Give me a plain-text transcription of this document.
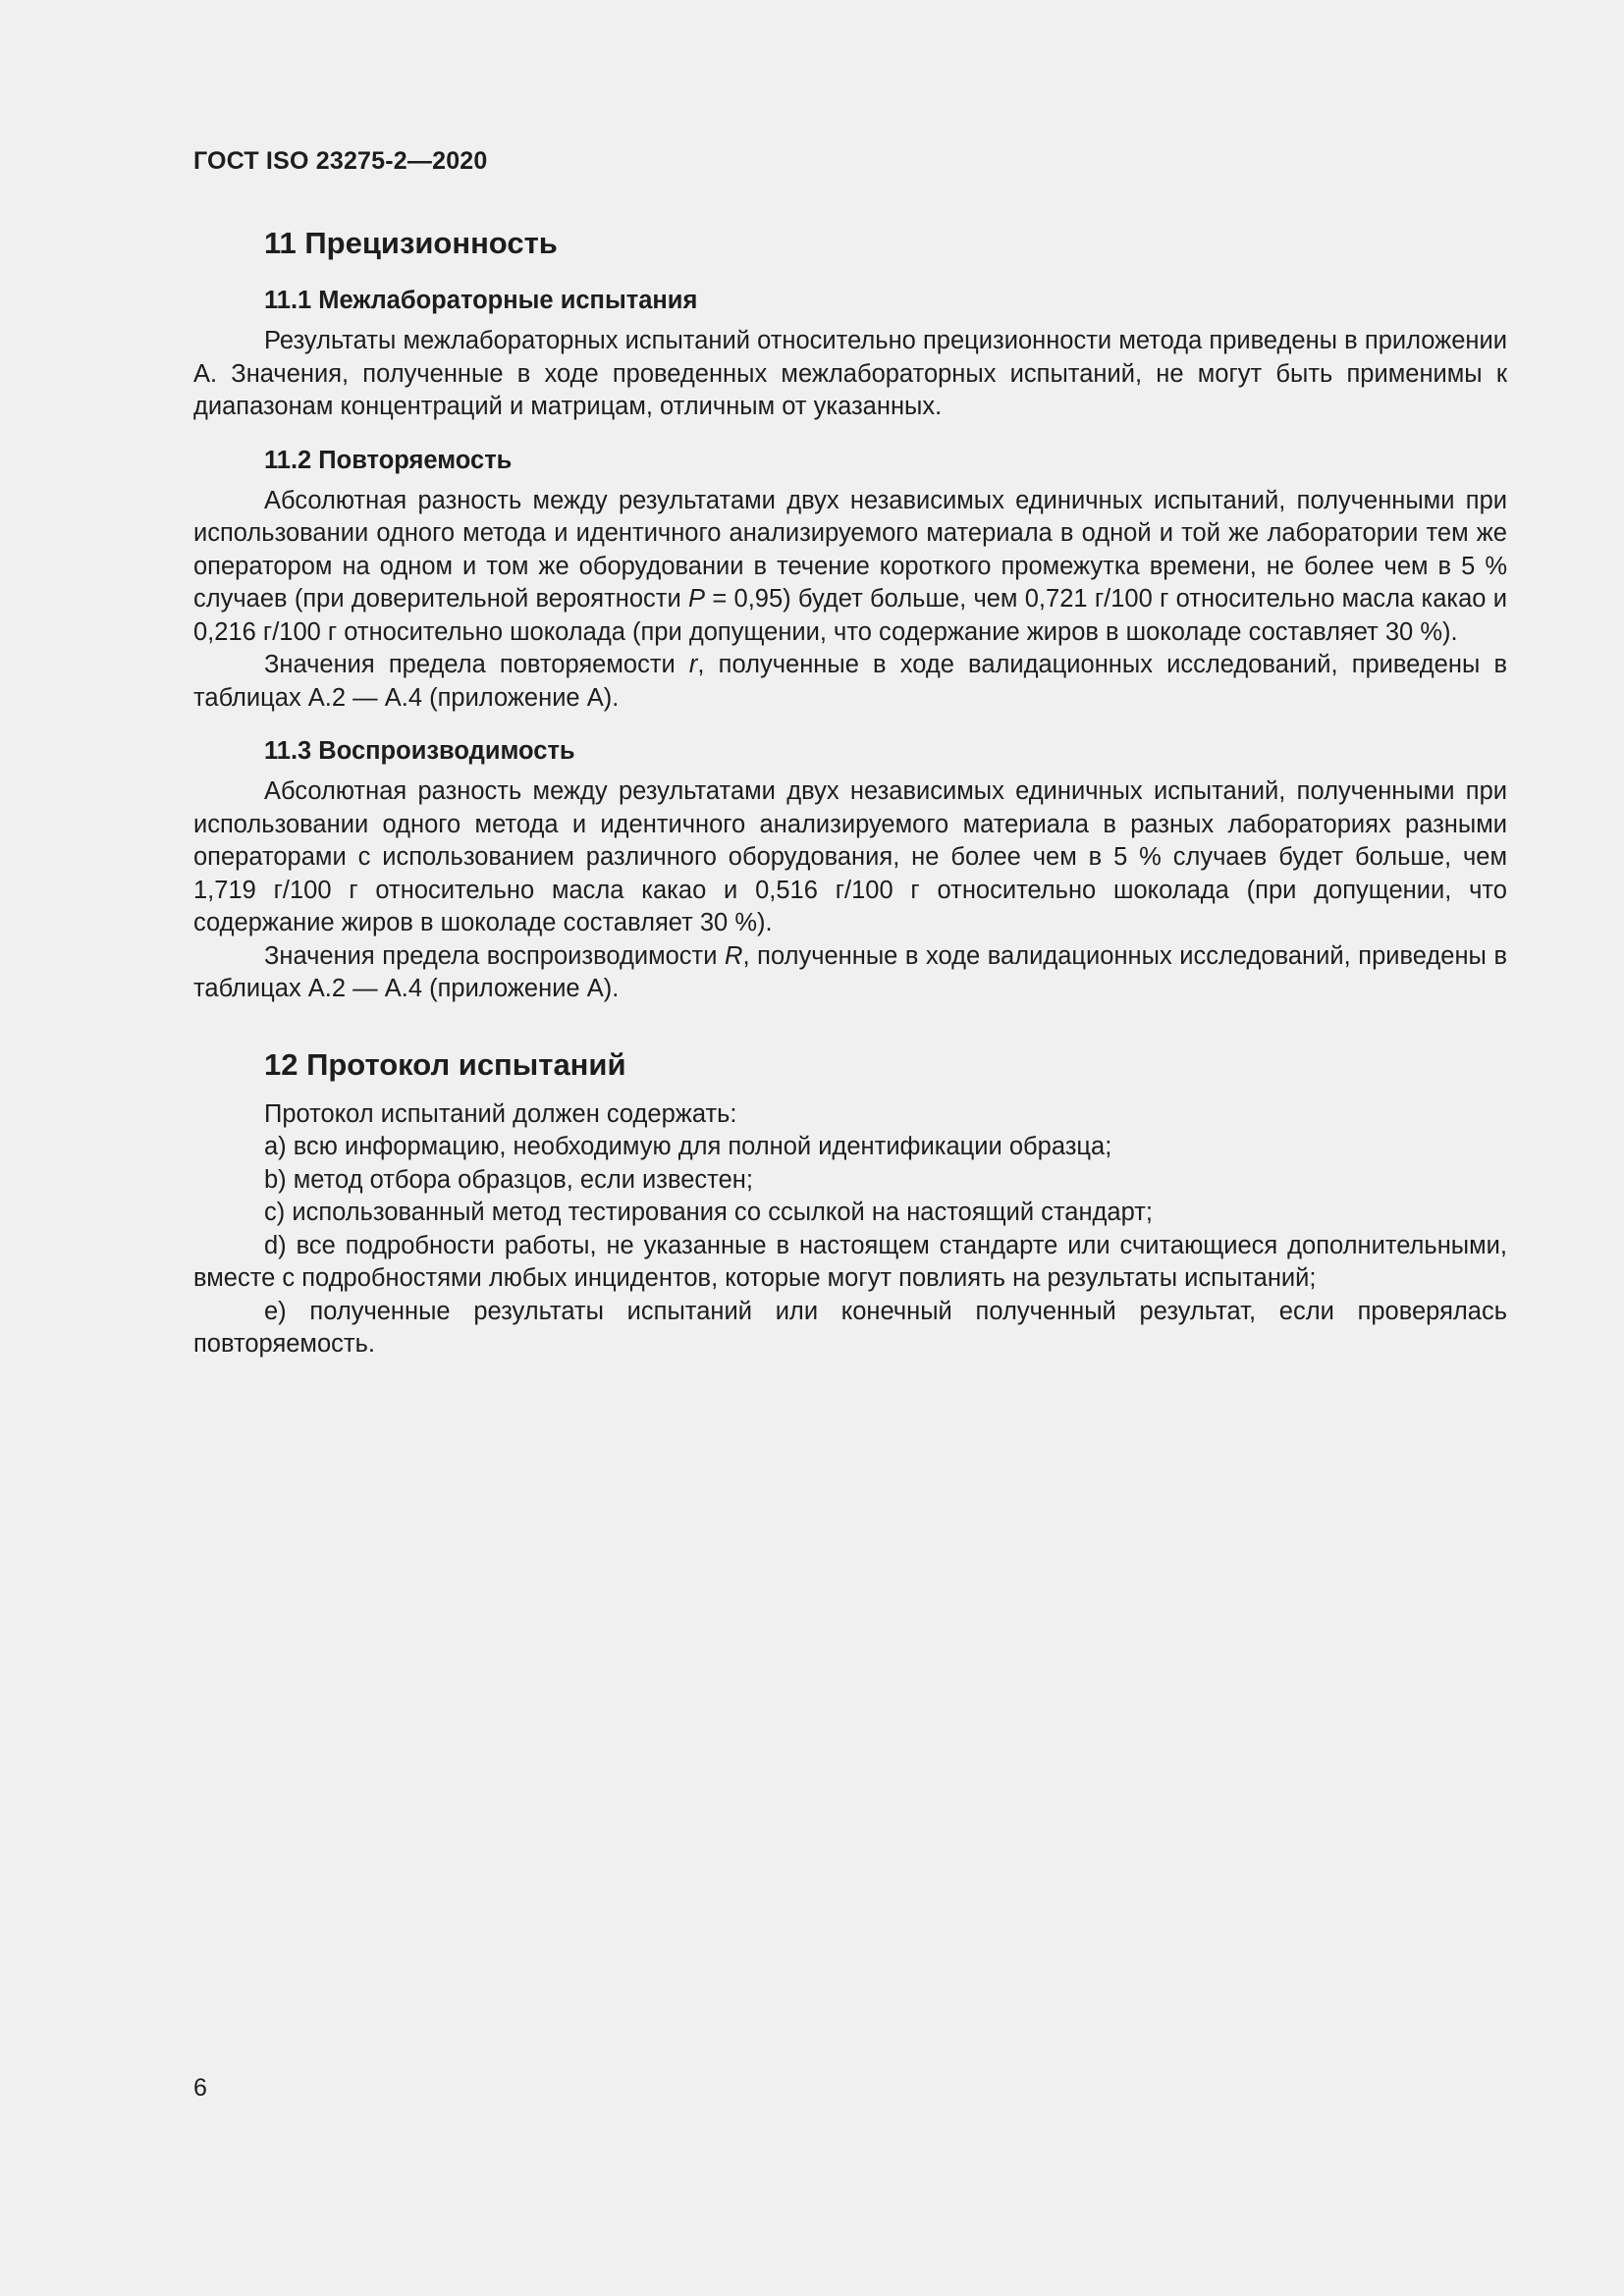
ГОСТ ISO 23275-2—2020
11 Прецизионность
11.1 Межлабораторные испытания

Результаты межлабораторных испытаний относительно прецизионности метода приведены в приложении А. Значения, полученные в ходе проведенных межлабораторных испытаний, не могут быть применимы к диапазонам концентраций и матрицам, отличным от указанных.

11.2 Повторяемость

Абсолютная разность между результатами двух независимых единичных испытаний, полученными при использовании одного метода и идентичного анализируемого материала в одной и той же лаборатории тем же оператором на одном и том же оборудовании в течение короткого промежутка времени, не более чем в 5 % случаев (при доверительной вероятности P = 0,95) будет больше, чем 0,721 г/100 г относительно масла какао и 0,216 г/100 г относительно шоколада (при допущении, что содержание жиров в шоколаде составляет 30 %).

Значения предела повторяемости r, полученные в ходе валидационных исследований, приведены в таблицах А.2 — А.4 (приложение А).

11.3 Воспроизводимость

Абсолютная разность между результатами двух независимых единичных испытаний, полученными при использовании одного метода и идентичного анализируемого материала в разных лабораториях разными операторами с использованием различного оборудования, не более чем в 5 % случаев будет больше, чем 1,719 г/100 г относительно масла какао и 0,516 г/100 г относительно шоколада (при допущении, что содержание жиров в шоколаде составляет 30 %).

Значения предела воспроизводимости R, полученные в ходе валидационных исследований, приведены в таблицах А.2 — А.4 (приложение А).

12 Протокол испытаний

Протокол испытаний должен содержать:

a) всю информацию, необходимую для полной идентификации образца;

b) метод отбора образцов, если известен;

c) использованный метод тестирования со ссылкой на настоящий стандарт;

d) все подробности работы, не указанные в настоящем стандарте или считающиеся дополнительными, вместе с подробностями любых инцидентов, которые могут повлиять на результаты испытаний;

e) полученные результаты испытаний или конечный полученный результат, если проверялась повторяемость.

6
